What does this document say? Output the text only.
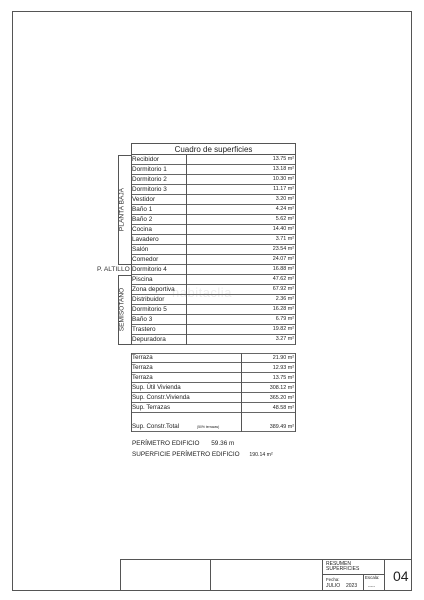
habitaclia
Cuadro de superficies
Recibidor	13.75 m²
Dormitorio 1	13.18 m²
Dormitorio 2	10.30 m²
Dormitorio 3	11.17 m²
Vestidor	3.20 m²
Baño 1	4.24 m²
Baño 2	5.62 m²
Cocina	14.40 m²
Lavadero	3.71 m²
Salón	23.54 m²
Comedor	24.07 m²
Dormitorio 4	16.88 m²
Piscina	47.62 m²
Zona deportiva	67.92 m²
Distribuidor	2.36 m²
Dormitorio 5	16.28 m²
Baño 3	6.79 m²
Trastero	19.82 m²
Depuradora	3.27 m²
Terraza	21.90 m²
Terraza	12.93 m²
Terraza	13.75 m²
Sup. Útil Vivienda	308.12 m²
Sup. Constr.Vivienda	365.20 m²
Sup. Terrazas	48.58 m²
Sup. Constr.Total	(50% terrazas)	389.49 m²
PLANTA BAJA
P. ALTILLO
SEMISOTANO
PERÍMETRO EDIFICIO 59.36 m
SUPERFICIE PERÍMETRO EDIFICIO 190.14 m²
RESUMEN
SUPERFICIES
Fecha:
JULIO 2023
Escala:
-----
04
